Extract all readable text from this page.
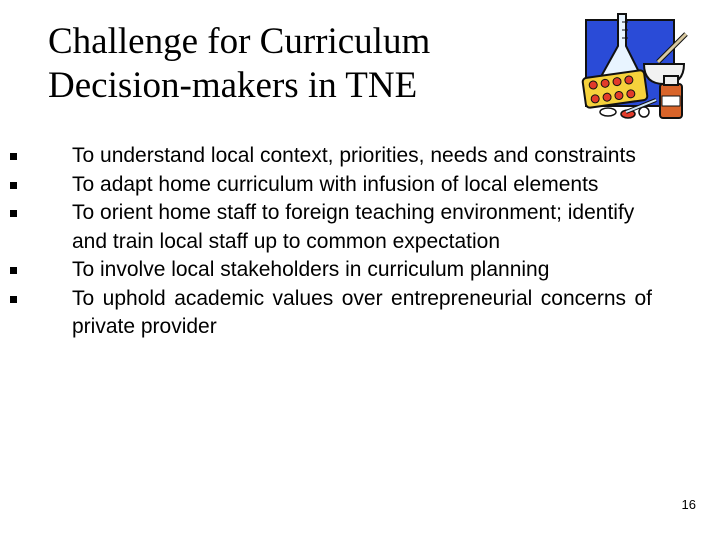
Challenge for Curriculum
Decision-makers in TNE
To understand local context, priorities, needs and constraints
To adapt home curriculum with infusion of local elements
To orient home staff to foreign teaching environment; identify and train local staff up to common expectation
To involve local stakeholders in curriculum planning
To uphold academic values over entrepreneurial concerns of private provider
16
